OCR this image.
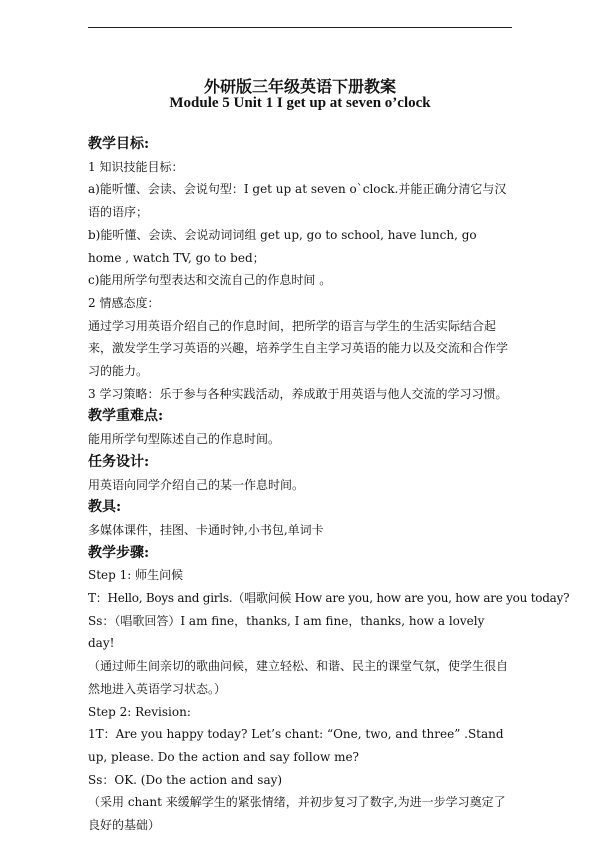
外研版三年级英语下册教案
Module 5 Unit 1 I get up at seven o’clock
教学目标:
1 知识技能目标：
a)能听懂、会读、会说句型：I get up at seven o`clock.并能正确分清它与汉语的语序；
b)能听懂、会读、会说动词词组 get up, go to school, have lunch, go home , watch TV, go to bed；
c)能用所学句型表达和交流自己的作息时间 。
2 情感态度：
通过学习用英语介绍自己的作息时间，把所学的语言与学生的生活实际结合起来，激发学生学习英语的兴趣，培养学生自主学习英语的能力以及交流和合作学习的能力。
3 学习策略：乐于参与各种实践活动，养成敢于用英语与他人交流的学习习惯。
教学重难点:
能用所学句型陈述自己的作息时间。
任务设计:
用英语向同学介绍自己的某一作息时间。
教具:
多媒体课件，挂图、卡通时钟,小书包,单词卡
教学步骤:
Step 1: 师生问候
T：Hello, Boys and girls.（唱歌问候 How are you, how are you, how are you today?
Ss：（唱歌回答）I am fine，thanks, I am fine，thanks, how a lovely day!
（通过师生间亲切的歌曲问候，建立轻松、和谐、民主的课堂气氛，使学生很自然地进入英语学习状态。）
Step 2: Revision:
1T：Are you happy today? Let’s chant: “One, two, and three” .Stand up, please. Do the action and say follow me?
Ss：OK. (Do the action and say)
（采用 chant 来缓解学生的紧张情绪，并初步复习了数字,为进一步学习奠定了良好的基础）
